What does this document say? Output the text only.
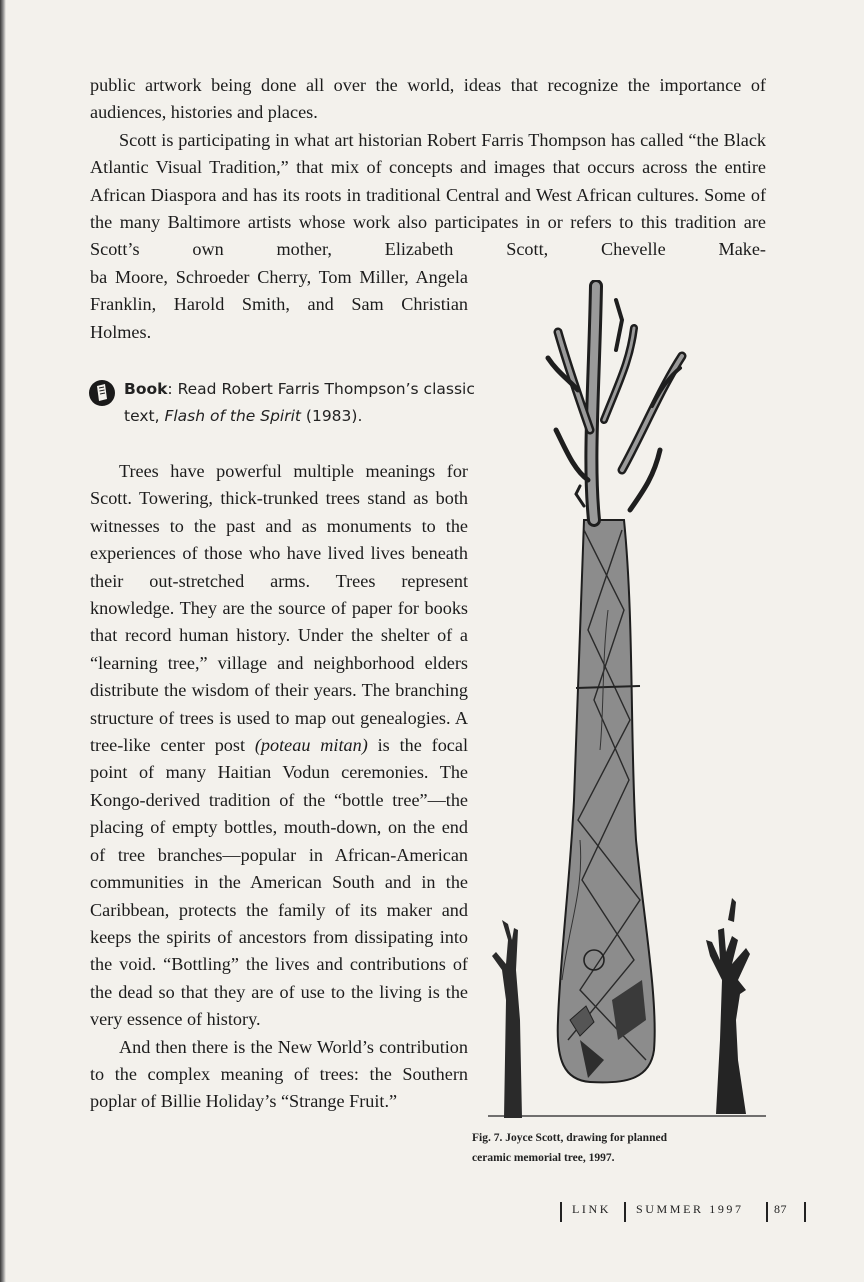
public artwork being done all over the world, ideas that recognize the importance of audiences, histories and places.

Scott is participating in what art historian Robert Farris Thompson has called “the Black Atlantic Visual Tradition,” that mix of concepts and images that occurs across the entire African Diaspora and has its roots in traditional Central and West African cultures. Some of the many Baltimore artists whose work also participates in or refers to this tradition are Scott’s own mother, Elizabeth Scott, Chevelle Make-

ba Moore, Schroeder Cherry, Tom Miller, Angela Franklin, Harold Smith, and Sam Christian Holmes.

Book: Read Robert Farris Thompson’s classic text, Flash of the Spirit (1983).

Trees have powerful multiple meanings for Scott. Towering, thick-trunked trees stand as both witnesses to the past and as monuments to the experiences of those who have lived lives beneath their out-stretched arms. Trees represent knowledge. They are the source of paper for books that record human history. Under the shelter of a “learning tree,” village and neighborhood elders distribute the wisdom of their years. The branching structure of trees is used to map out genealogies. A tree-like center post (poteau mitan) is the focal point of many Haitian Vodun ceremonies. The Kongo-derived tradition of the “bottle tree”—the placing of empty bottles, mouth-down, on the end of tree branches—popular in African-American communities in the American South and in the Caribbean, protects the family of its maker and keeps the spirits of ancestors from dissipating into the void. “Bottling” the lives and contributions of the dead so that they are of use to the living is the very essence of history.

And then there is the New World’s contribution to the complex meaning of trees: the Southern poplar of Billie Holiday’s “Strange Fruit.”

Fig. 7. Joyce Scott, drawing for planned
ceramic memorial tree, 1997.
LINK SUMMER 1997	87
